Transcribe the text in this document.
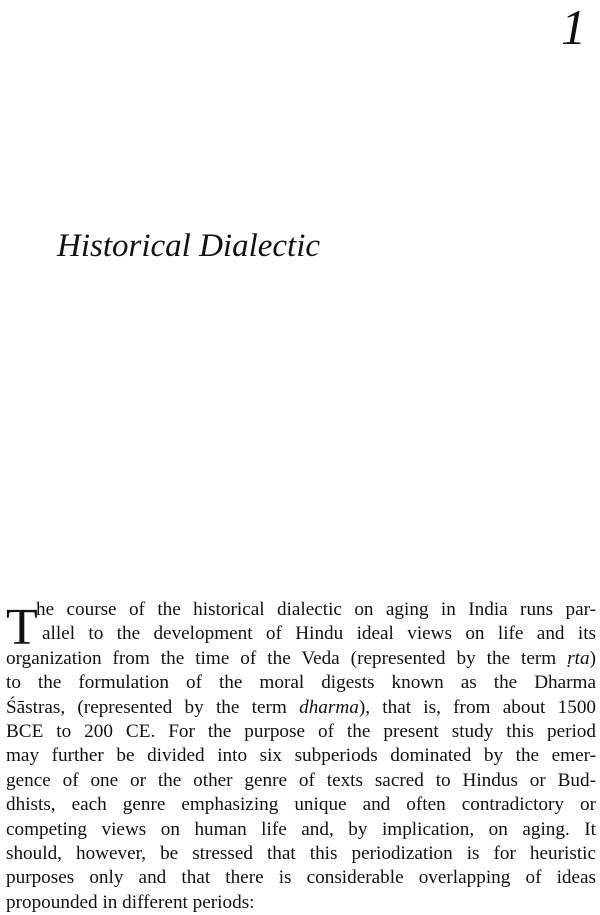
1
Historical Dialectic
T
he course of the historical dialectic on aging in India runs par-
allel to the development of Hindu ideal views on life and its
organization from the time of the Veda (represented by the term ṛta)
to the formulation of the moral digests known as the Dharma
Śāstras, (represented by the term dharma), that is, from about 1500
BCE to 200 CE. For the purpose of the present study this period
may further be divided into six subperiods dominated by the emer-
gence of one or the other genre of texts sacred to Hindus or Bud-
dhists, each genre emphasizing unique and often contradictory or
competing views on human life and, by implication, on aging. It
should, however, be stressed that this periodization is for heuristic
purposes only and that there is considerable overlapping of ideas
propounded in different periods:
